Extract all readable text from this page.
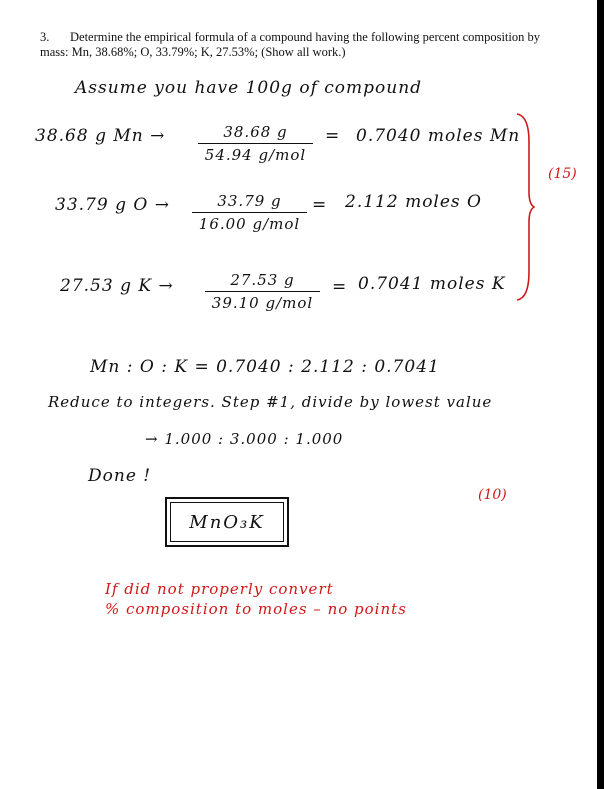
3. Determine the empirical formula of a compound having the following percent composition by mass: Mn, 38.68%; O, 33.79%; K, 27.53%; (Show all work.)
Assume you have 100g of compound
38.68 g Mn →	38.68 g
54.94 g/mol
= 0.7040 moles Mn
33.79 g O →	33.79 g
16.00 g/mol
= 2.112 moles O
27.53 g K →	27.53 g
39.10 g/mol
= 0.7041 moles K
(15)
Mn : O : K = 0.7040 : 2.112 : 0.7041
Reduce to integers. Step #1, divide by lowest value
→ 1.000 : 3.000 : 1.000
Done !
(10)
MnO₃K
If did not properly convert
% composition to moles – no points
